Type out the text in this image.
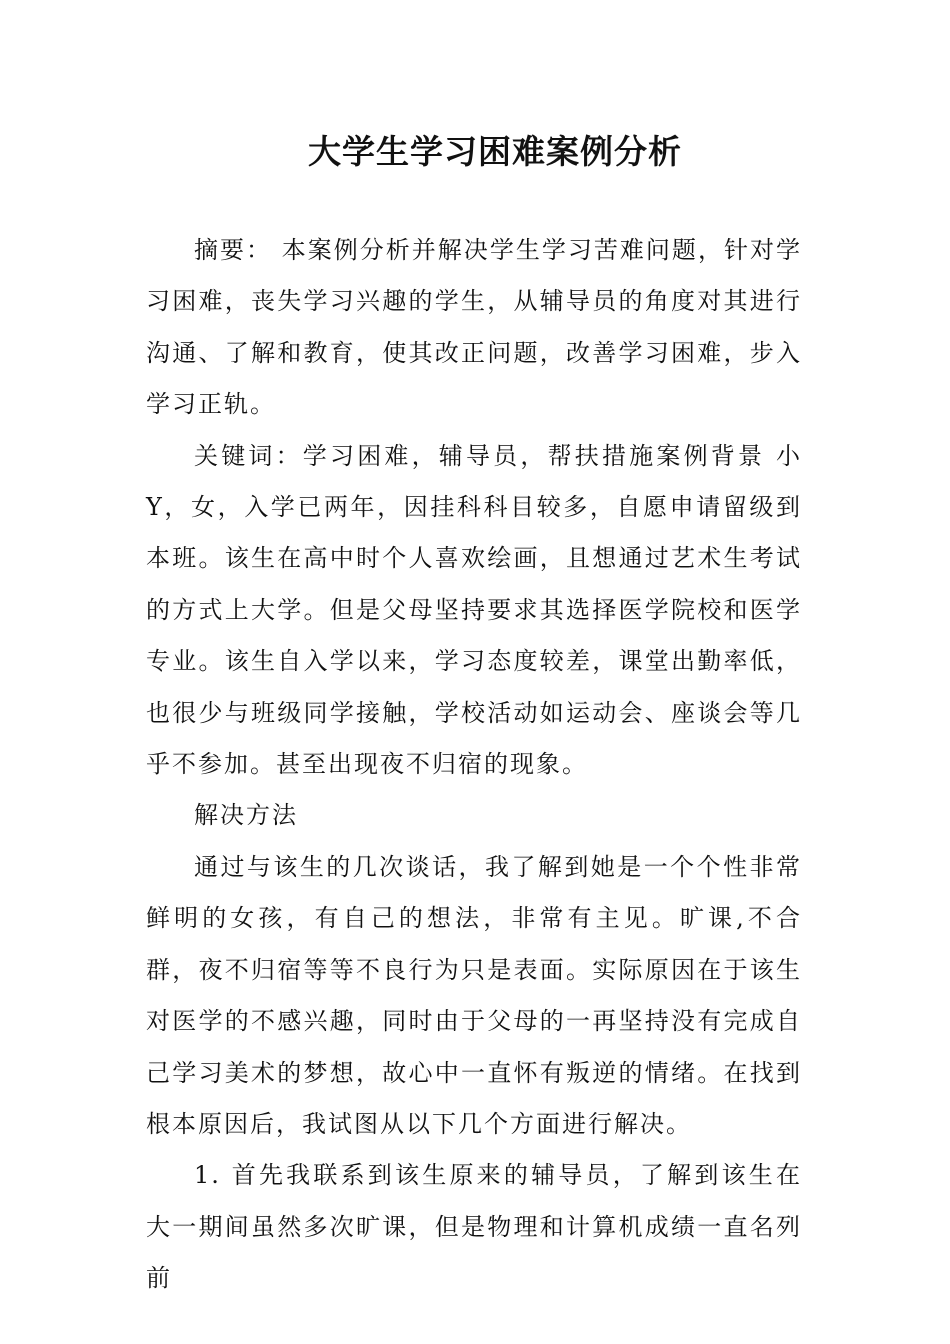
大学生学习困难案例分析

摘要： 本案例分析并解决学生学习苦难问题，针对学习困难，丧失学习兴趣的学生，从辅导员的角度对其进行沟通、了解和教育，使其改正问题，改善学习困难，步入学习正轨。

关键词：学习困难，辅导员，帮扶措施案例背景 小Y，女，入学已两年，因挂科科目较多，自愿申请留级到本班。该生在高中时个人喜欢绘画，且想通过艺术生考试的方式上大学。但是父母坚持要求其选择医学院校和医学专业。该生自入学以来，学习态度较差，课堂出勤率低，也很少与班级同学接触，学校活动如运动会、座谈会等几乎不参加。甚至出现夜不归宿的现象。

解决方法

通过与该生的几次谈话，我了解到她是一个个性非常鲜明的女孩，有自己的想法，非常有主见。旷课,不合群，夜不归宿等等不良行为只是表面。实际原因在于该生对医学的不感兴趣，同时由于父母的一再坚持没有完成自己学习美术的梦想，故心中一直怀有叛逆的情绪。在找到根本原因后，我试图从以下几个方面进行解决。

1. 首先我联系到该生原来的辅导员，了解到该生在大一期间虽然多次旷课，但是物理和计算机成绩一直名列前
